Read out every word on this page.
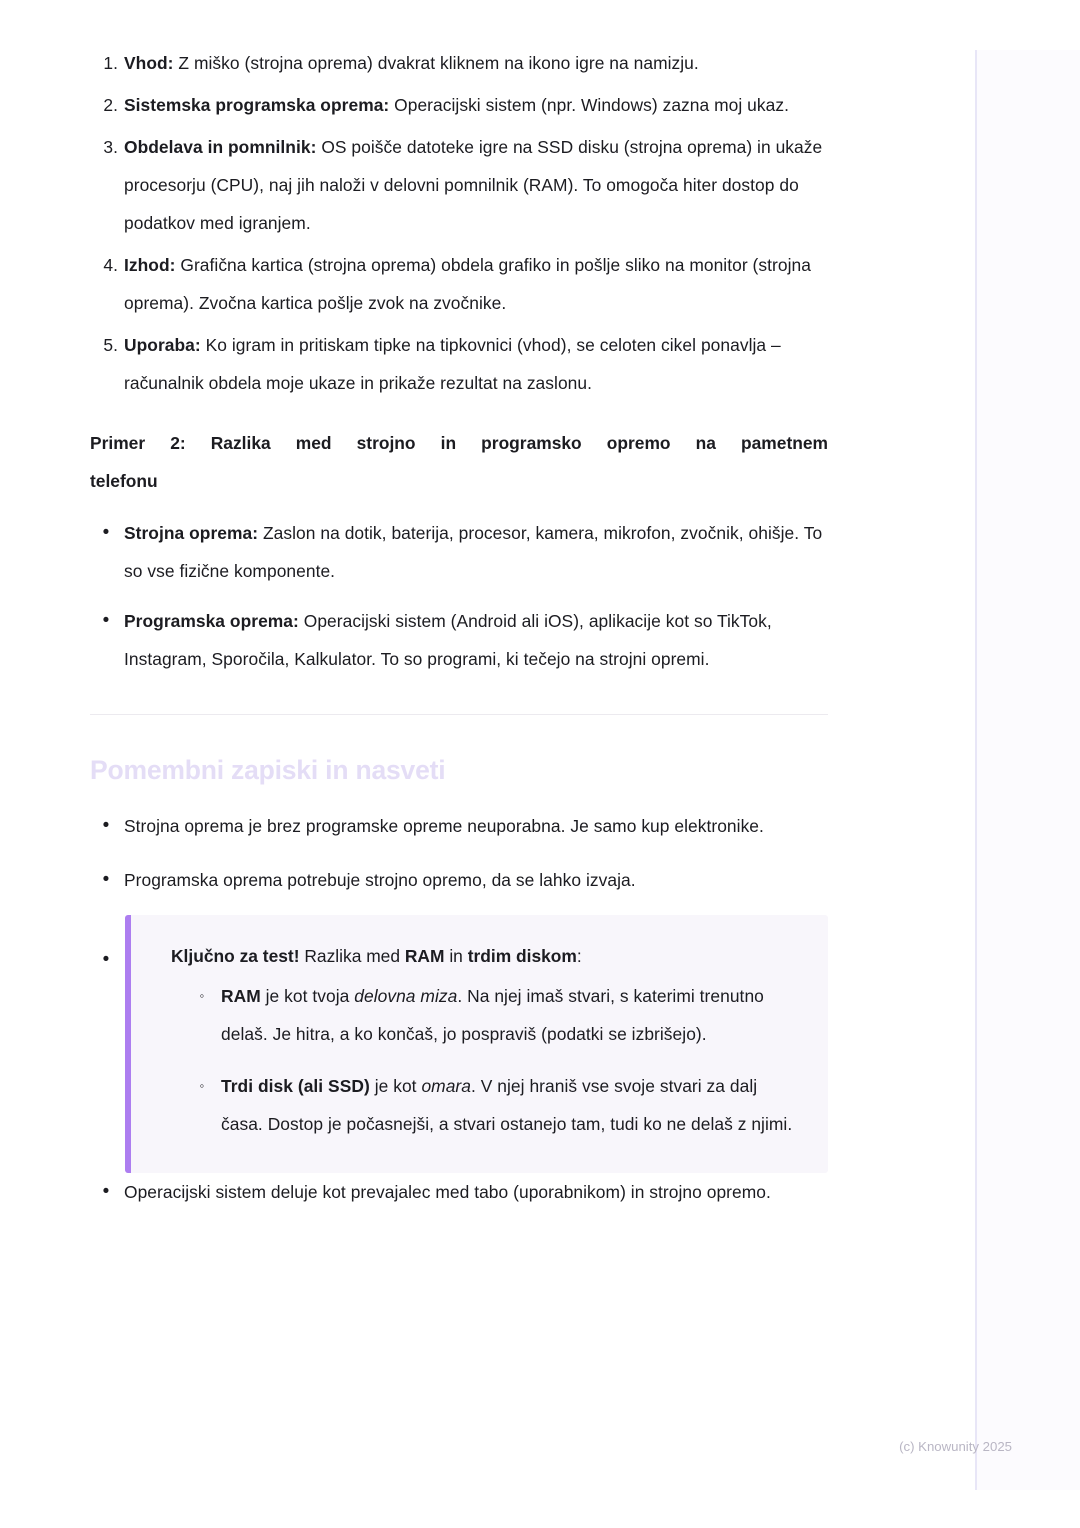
1. Vhod: Z miško (strojna oprema) dvakrat kliknem na ikono igre na namizju.
2. Sistemska programska oprema: Operacijski sistem (npr. Windows) zazna moj ukaz.
3. Obdelava in pomnilnik: OS poišče datoteke igre na SSD disku (strojna oprema) in ukaže procesorju (CPU), naj jih naloži v delovni pomnilnik (RAM). To omogoča hiter dostop do podatkov med igranjem.
4. Izhod: Grafična kartica (strojna oprema) obdela grafiko in pošlje sliko na monitor (strojna oprema). Zvočna kartica pošlje zvok na zvočnike.
5. Uporaba: Ko igram in pritiskam tipke na tipkovnici (vhod), se celoten cikel ponavlja – računalnik obdela moje ukaze in prikaže rezultat na zaslonu.
Primer 2: Razlika med strojno in programsko opremo na pametnem
telefonu
• Strojna oprema: Zaslon na dotik, baterija, procesor, kamera, mikrofon, zvočnik, ohišje. To so vse fizične komponente.
• Programska oprema: Operacijski sistem (Android ali iOS), aplikacije kot so TikTok, Instagram, Sporočila, Kalkulator. To so programi, ki tečejo na strojni opremi.
Pomembni zapiski in nasveti
• Strojna oprema je brez programske opreme neuporabna. Je samo kup elektronike.
• Programska oprema potrebuje strojno opremo, da se lahko izvaja.
•	Ključno za test! Razlika med RAM in trdim diskom:
◦ RAM je kot tvoja delovna miza. Na njej imaš stvari, s katerimi trenutno delaš. Je hitra, a ko končaš, jo pospraviš (podatki se izbrišejo).
◦ Trdi disk (ali SSD) je kot omara. V njej hraniš vse svoje stvari za dalj časa. Dostop je počasnejši, a stvari ostanejo tam, tudi ko ne delaš z njimi.
• Operacijski sistem deluje kot prevajalec med tabo (uporabnikom) in strojno opremo.
(c) Knowunity 2025
